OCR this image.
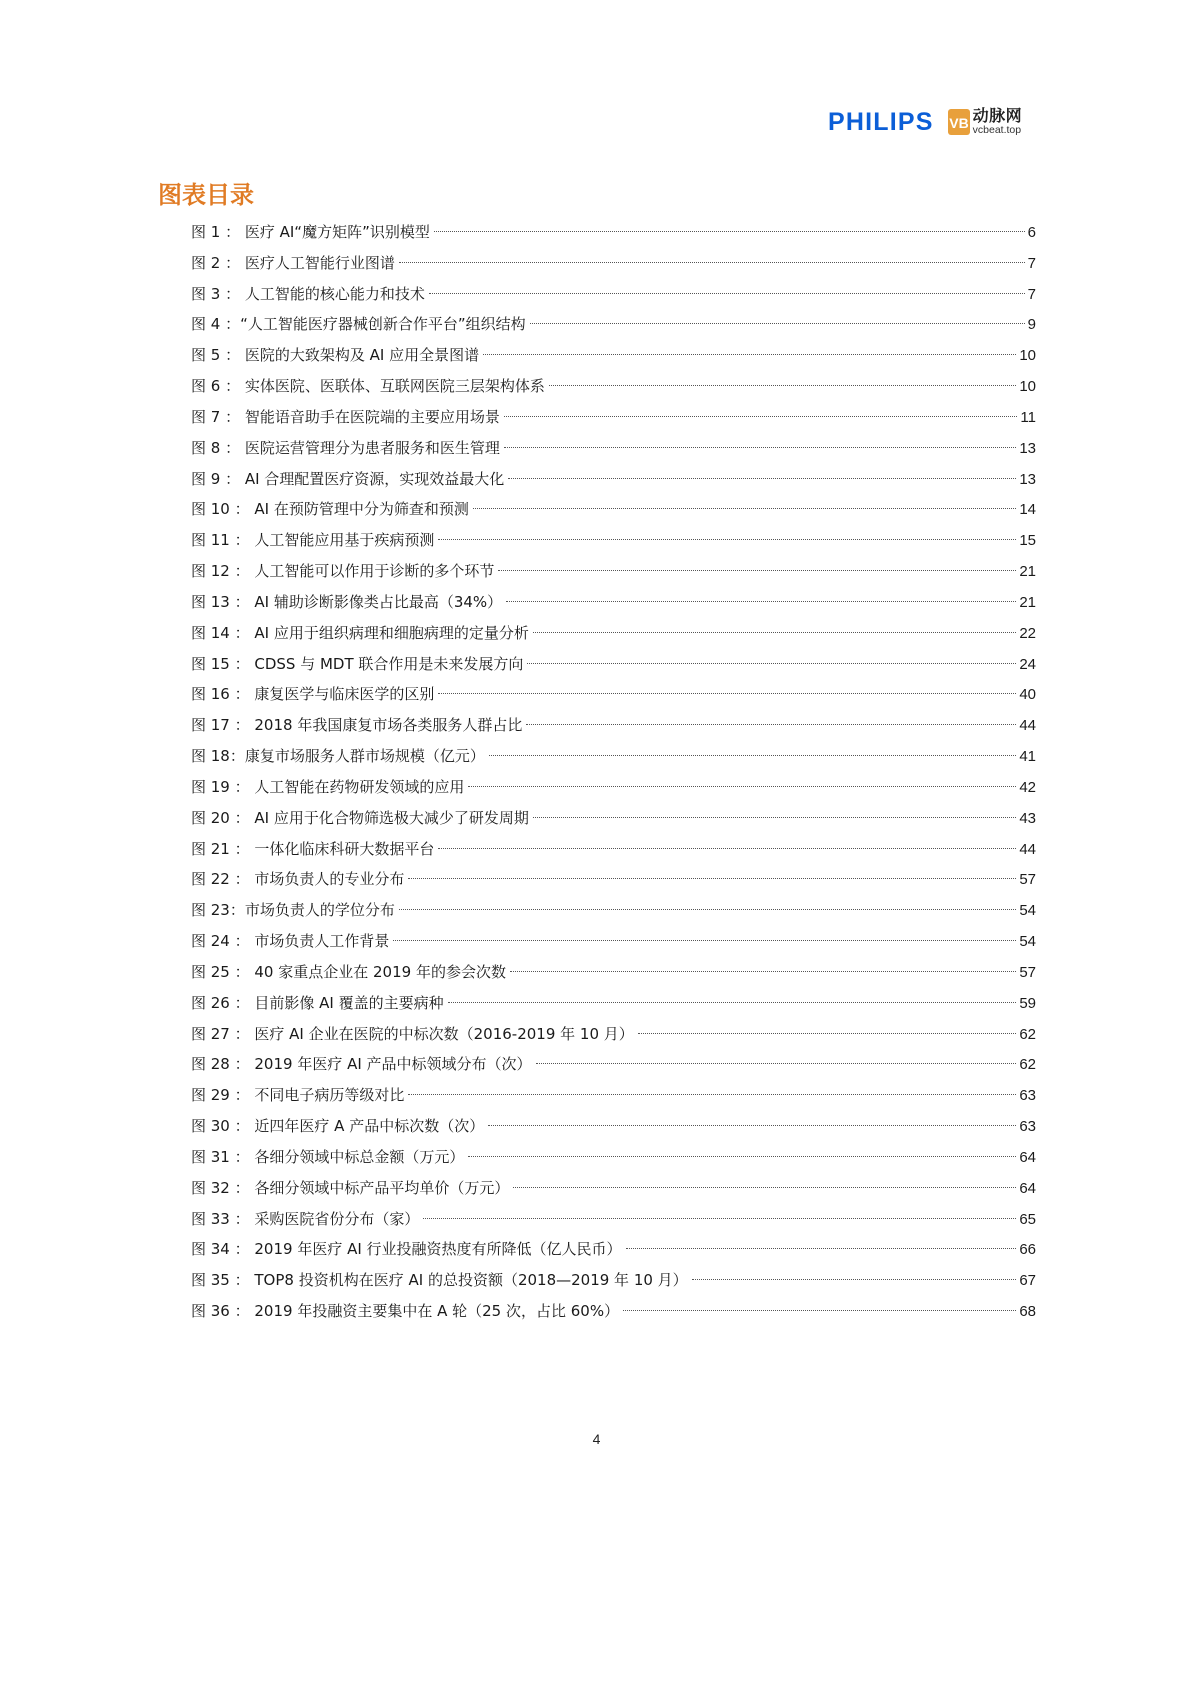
PHILIPS VB 动脉网
vcbeat.top
图表目录
图 1 ： 医疗 AI“魔方矩阵”识别模型	6
图 2 ： 医疗人工智能行业图谱	7
图 3 ： 人工智能的核心能力和技术	7
图 4 ：“人工智能医疗器械创新合作平台”组织结构	9
图 5 ： 医院的大致架构及 AI 应用全景图谱	10
图 6 ： 实体医院、医联体、互联网医院三层架构体系	10
图 7 ： 智能语音助手在医院端的主要应用场景	11
图 8 ： 医院运营管理分为患者服务和医生管理	13
图 9 ： AI 合理配置医疗资源，实现效益最大化	13
图 10 ： AI 在预防管理中分为筛查和预测	14
图 11 ： 人工智能应用基于疾病预测	15
图 12 ： 人工智能可以作用于诊断的多个环节	21
图 13 ： AI 辅助诊断影像类占比最高（34%）	21
图 14 ： AI 应用于组织病理和细胞病理的定量分析	22
图 15 ： CDSS 与 MDT 联合作用是未来发展方向	24
图 16 ： 康复医学与临床医学的区别	40
图 17 ： 2018 年我国康复市场各类服务人群占比	44
图 18：康复市场服务人群市场规模（亿元）	41
图 19 ： 人工智能在药物研发领域的应用	42
图 20 ： AI 应用于化合物筛选极大减少了研发周期	43
图 21 ： 一体化临床科研大数据平台	44
图 22 ： 市场负责人的专业分布	57
图 23：市场负责人的学位分布	54
图 24 ： 市场负责人工作背景	54
图 25 ： 40 家重点企业在 2019 年的参会次数	57
图 26 ： 目前影像 AI 覆盖的主要病种	59
图 27 ： 医疗 AI 企业在医院的中标次数（2016-2019 年 10 月）	62
图 28 ： 2019 年医疗 AI 产品中标领域分布（次）	62
图 29 ： 不同电子病历等级对比	63
图 30 ： 近四年医疗 A 产品中标次数（次）	63
图 31 ： 各细分领域中标总金额（万元）	64
图 32 ： 各细分领域中标产品平均单价（万元）	64
图 33 ： 采购医院省份分布（家）	65
图 34 ： 2019 年医疗 AI 行业投融资热度有所降低（亿人民币）	66
图 35 ： TOP8 投资机构在医疗 AI 的总投资额（2018—2019 年 10 月）	67
图 36 ： 2019 年投融资主要集中在 A 轮（25 次，占比 60%）	68
4
